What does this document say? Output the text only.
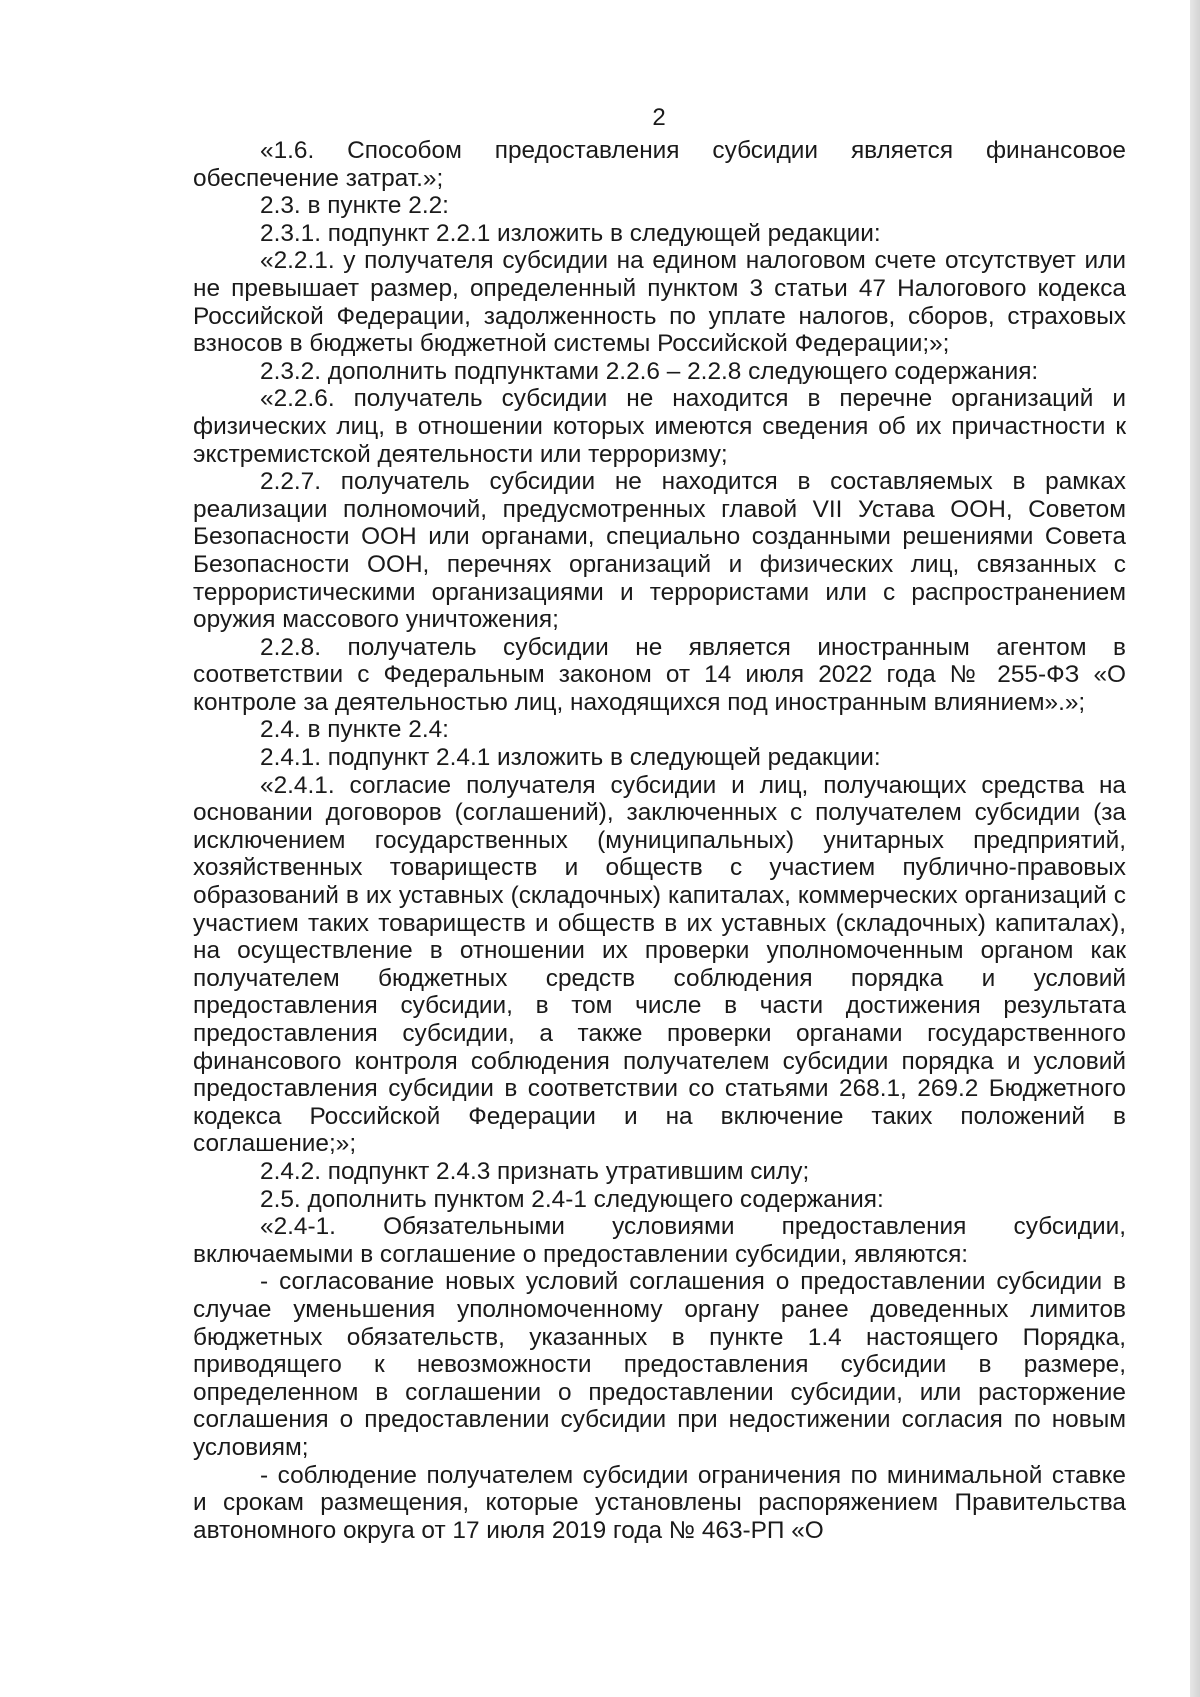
2

«1.6. Способом предоставления субсидии является финансовое обеспечение затрат.»;

2.3. в пункте 2.2:

2.3.1. подпункт 2.2.1 изложить в следующей редакции:

«2.2.1. у получателя субсидии на едином налоговом счете отсутствует или не превышает размер, определенный пунктом 3 статьи 47 Налогового кодекса Российской Федерации, задолженность по уплате налогов, сборов, страховых взносов в бюджеты бюджетной системы Российской Федерации;»;

2.3.2. дополнить подпунктами 2.2.6 – 2.2.8 следующего содержания:

«2.2.6. получатель субсидии не находится в перечне организаций и физических лиц, в отношении которых имеются сведения об их причастности к экстремистской деятельности или терроризму;

2.2.7. получатель субсидии не находится в составляемых в рамках реализации полномочий, предусмотренных главой VII Устава ООН, Советом Безопасности ООН или органами, специально созданными решениями Совета Безопасности ООН, перечнях организаций и физических лиц, связанных с террористическими организациями и террористами или с распространением оружия массового уничтожения;

2.2.8. получатель субсидии не является иностранным агентом в соответствии с Федеральным законом от 14 июля 2022 года № 255-ФЗ «О контроле за деятельностью лиц, находящихся под иностранным влиянием».»;

2.4. в пункте 2.4:

2.4.1. подпункт 2.4.1 изложить в следующей редакции:

«2.4.1. согласие получателя субсидии и лиц, получающих средства на основании договоров (соглашений), заключенных с получателем субсидии (за исключением государственных (муниципальных) унитарных предприятий, хозяйственных товариществ и обществ с участием публично-правовых образований в их уставных (складочных) капиталах, коммерческих организаций с участием таких товариществ и обществ в их уставных (складочных) капиталах), на осуществление в отношении их проверки уполномоченным органом как получателем бюджетных средств соблюдения порядка и условий предоставления субсидии, в том числе в части достижения результата предоставления субсидии, а также проверки органами государственного финансового контроля соблюдения получателем субсидии порядка и условий предоставления субсидии в соответствии со статьями 268.1, 269.2 Бюджетного кодекса Российской Федерации и на включение таких положений в соглашение;»;

2.4.2. подпункт 2.4.3 признать утратившим силу;

2.5. дополнить пунктом 2.4-1 следующего содержания:

«2.4-1. Обязательными условиями предоставления субсидии, включаемыми в соглашение о предоставлении субсидии, являются:

- согласование новых условий соглашения о предоставлении субсидии в случае уменьшения уполномоченному органу ранее доведенных лимитов бюджетных обязательств, указанных в пункте 1.4 настоящего Порядка, приводящего к невозможности предоставления субсидии в размере, определенном в соглашении о предоставлении субсидии, или расторжение соглашения о предоставлении субсидии при недостижении согласия по новым условиям;

- соблюдение получателем субсидии ограничения по минимальной ставке и срокам размещения, которые установлены распоряжением Правительства автономного округа от 17 июля 2019 года № 463-РП «О
